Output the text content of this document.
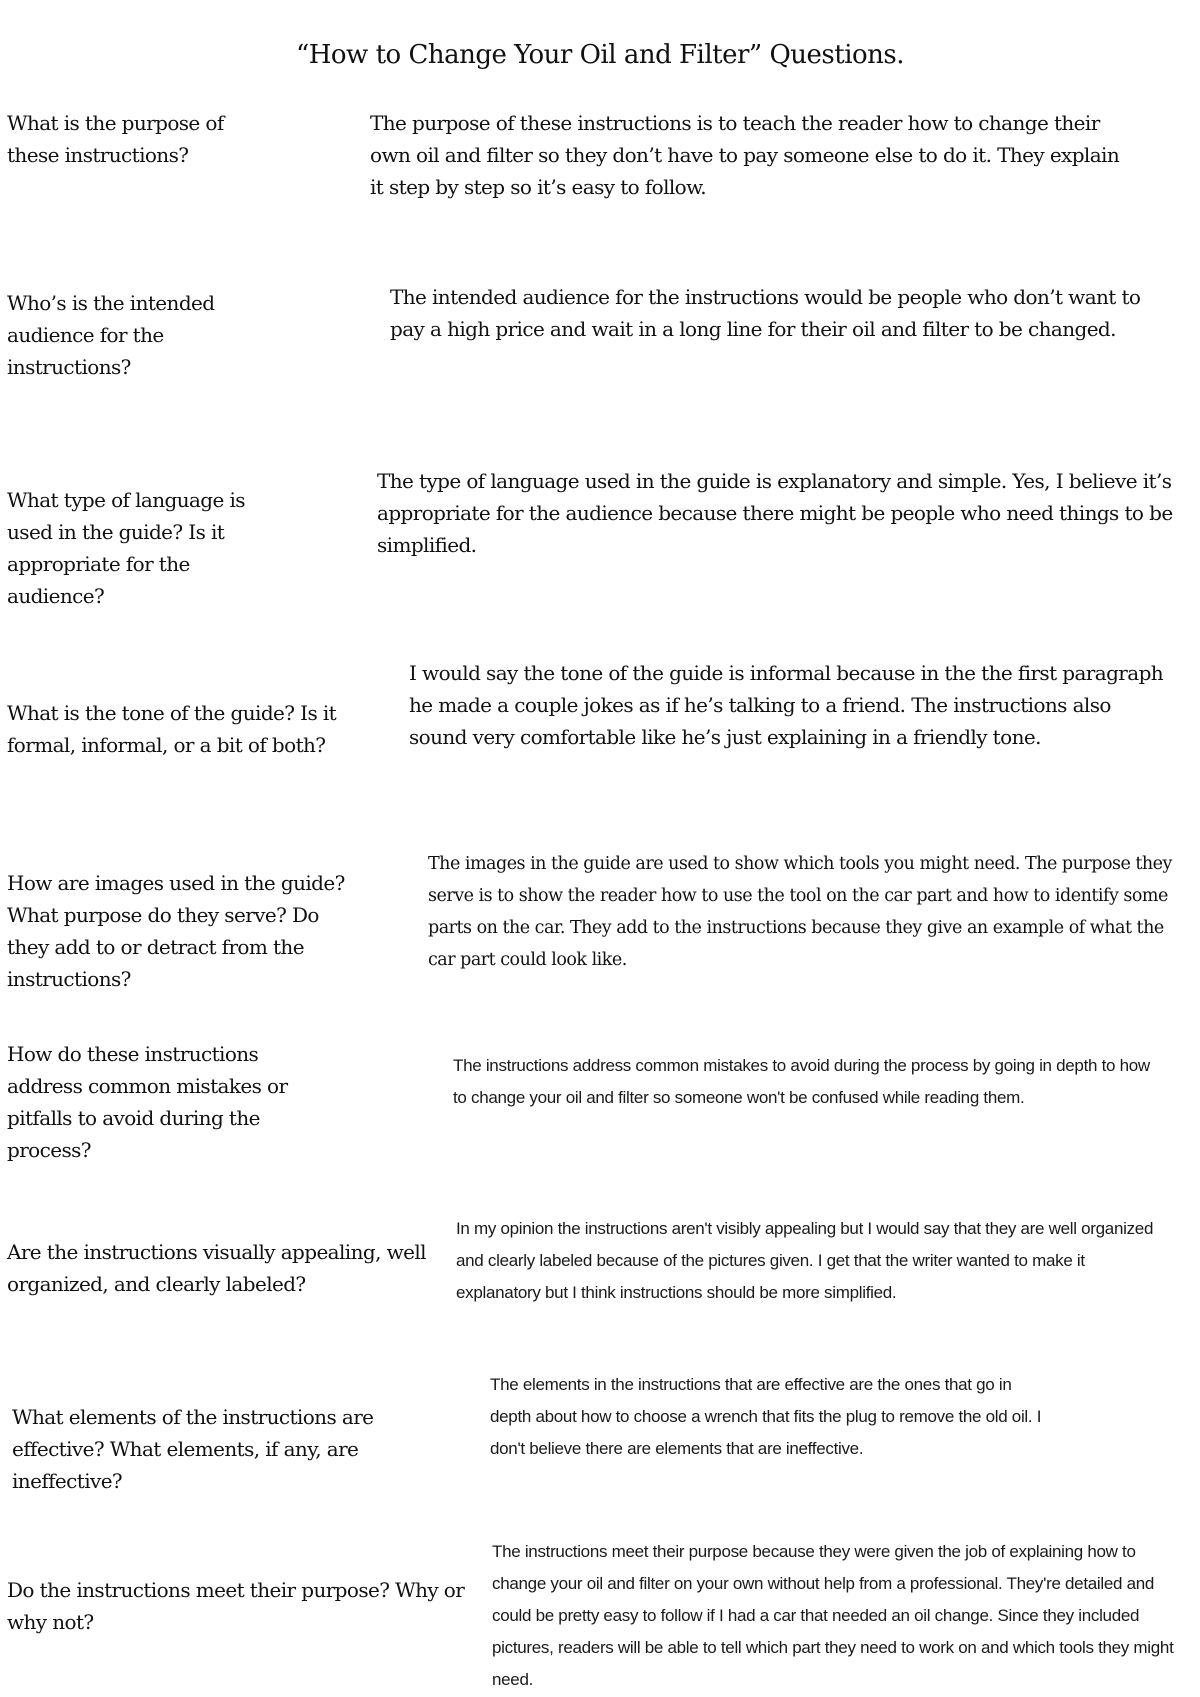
“How to Change Your Oil and Filter” Questions.

What is the purpose of these instructions?

The purpose of these instructions is to teach the reader how to change their own oil and filter so they don’t have to pay someone else to do it. They explain it step by step so it’s easy to follow.

Who’s is the intended audience for the instructions?

The intended audience for the instructions would be people who don’t want to pay a high price and wait in a long line for their oil and filter to be changed.

What type of language is used in the guide? Is it appropriate for the audience?

The type of language used in the guide is explanatory and simple. Yes, I believe it’s appropriate for the audience because there might be people who need things to be simplified.

What is the tone of the guide? Is it formal, informal, or a bit of both?

I would say the tone of the guide is informal because in the the first paragraph he made a couple jokes as if he’s talking to a friend. The instructions also sound very comfortable like he’s just explaining in a friendly tone.

How are images used in the guide? What purpose do they serve? Do they add to or detract from the instructions?

The images in the guide are used to show which tools you might need. The purpose they serve is to show the reader how to use the tool on the car part and how to identify some parts on the car. They add to the instructions because they give an example of what the car part could look like.

How do these instructions address common mistakes or pitfalls to avoid during the process?

The instructions address common mistakes to avoid during the process by going in depth to how to change your oil and filter so someone won't be confused while reading them.

Are the instructions visually appealing, well organized, and clearly labeled?

In my opinion the instructions aren't visibly appealing but I would say that they are well organized and clearly labeled because of the pictures given. I get that the writer wanted to make it explanatory but I think instructions should be more simplified.

What elements of the instructions are effective? What elements, if any, are ineffective?

The elements in the instructions that are effective are the ones that go in depth about how to choose a wrench that fits the plug to remove the old oil. I don't believe there are elements that are ineffective.

Do the instructions meet their purpose? Why or why not?

The instructions meet their purpose because they were given the job of explaining how to change your oil and filter on your own without help from a professional. They're detailed and could be pretty easy to follow if I had a car that needed an oil change. Since they included pictures, readers will be able to tell which part they need to work on and which tools they might need.
